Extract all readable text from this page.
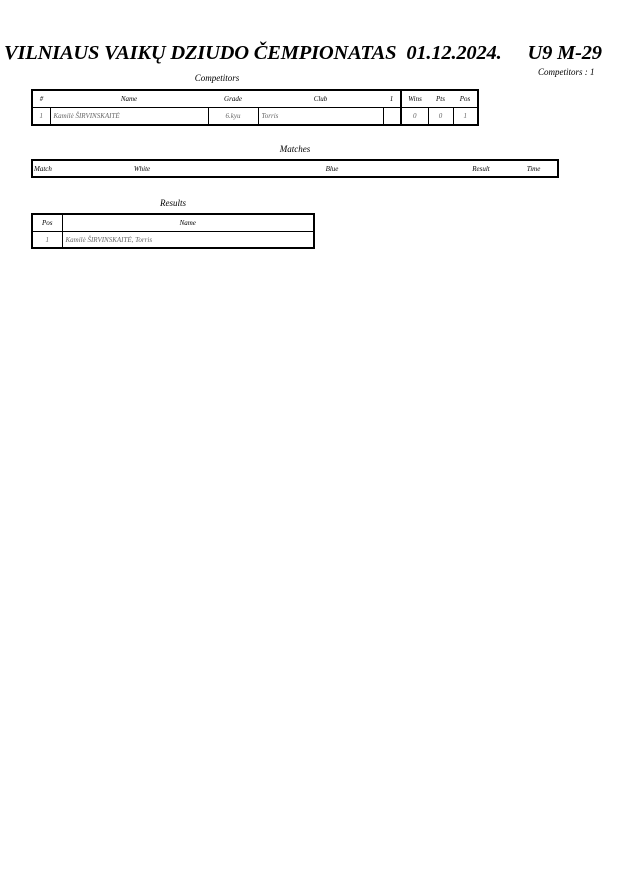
VILNIAUS VAIKŲ DZIUDO ČEMPIONATAS 01.12.2024. U9 M-29
Competitors : 1
Competitors
#	Name	Grade	Club	1	Wins	Pts	Pos
1	Kamilė ŠIRVINSKAITĖ	6.kyu	Torris		0	0	1
Matches
Match	White	Blue	Result	Time
Results
Pos	Name
1	Kamilė ŠIRVINSKAITĖ, Torris
